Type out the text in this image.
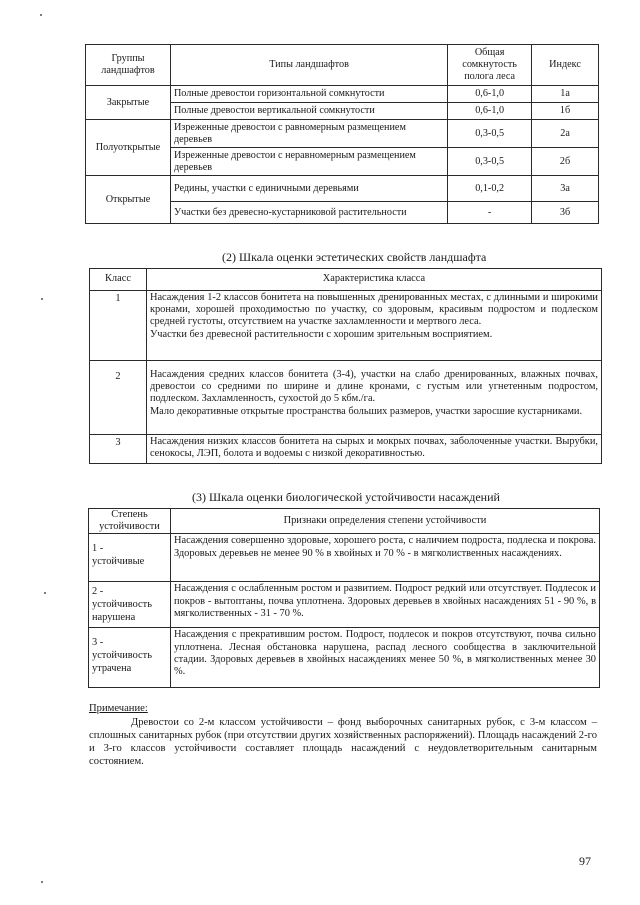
Группы ландшафтов	Типы ландшафтов	Общая сомкнутость полога леса	Индекс
Закрытые	Полные древостои горизонтальной сомкнутости	0,6-1,0	1а
	Полные древостои вертикальной сомкнутости	0,6-1,0	1б
Полуоткрытые	Изреженные древостои с равномерным размещением деревьев	0,3-0,5	2а
	Изреженные древостои с неравномерным размещением деревьев	0,3-0,5	2б
Открытые	Редины, участки с единичными деревьями	0,1-0,2	3а
	Участки без древесно-кустарниковой растительности	-	3б
(2) Шкала оценки эстетических свойств ландшафта
Класс	Характеристика класса
1	Насаждения 1-2 классов бонитета на повышенных дренированных местах, с длинными и широкими кронами, хорошей проходимостью по участку, со здоровым, красивым подростом и подлеском средней густоты, отсутствием на участке захламленности и мертвого леса.

Участки без древесной растительности с хорошим зрительным восприятием.

2	Насаждения средних классов бонитета (3-4), участки на слабо дренированных, влажных почвах, древостои со средними по ширине и длине кронами, с густым или угнетенным подростом, подлеском. Захламленность, сухостой до 5 кбм./га.

Мало декоративные открытые пространства больших размеров, участки заросшие кустарниками.

3	Насаждения низких классов бонитета на сырых и мокрых почвах, заболоченные участки. Вырубки, сенокосы, ЛЭП, болота и водоемы с низкой декоративностью.

(3) Шкала оценки биологической устойчивости насаждений
Степень устойчивости	Признаки определения степени устойчивости

1 -
устойчивые	Насаждения совершенно здоровые, хорошего роста, с наличием подроста, подлеска и покрова. Здоровых деревьев не менее 90 % в хвойных и 70 % - в мягколиственных насаждениях.

2 -
устойчивость нарушена	Насаждения с ослабленным ростом и развитием. Подрост редкий или отсутствует. Подлесок и покров - вытоптаны, почва уплотнена. Здоровых деревьев в хвойных насаждениях 51 - 90 %, в мягколиственных - 31 - 70 %.

3 -
устойчивость утрачена	Насаждения с прекратившим ростом. Подрост, подлесок и покров отсутствуют, почва сильно уплотнена. Лесная обстановка нарушена, распад лесного сообщества в заключительной стадии. Здоровых деревьев в хвойных насаждениях менее 50 %, в мягколиственных менее 30 %.
Примечание:

Древостои со 2-м классом устойчивости – фонд выборочных санитарных рубок, с 3-м классом – сплошных санитарных рубок (при отсутствии других хозяйственных распоряжений). Площадь насаждений 2-го и 3-го классов устойчивости составляет площадь насаждений с неудовлетворительным санитарным состоянием.

97
